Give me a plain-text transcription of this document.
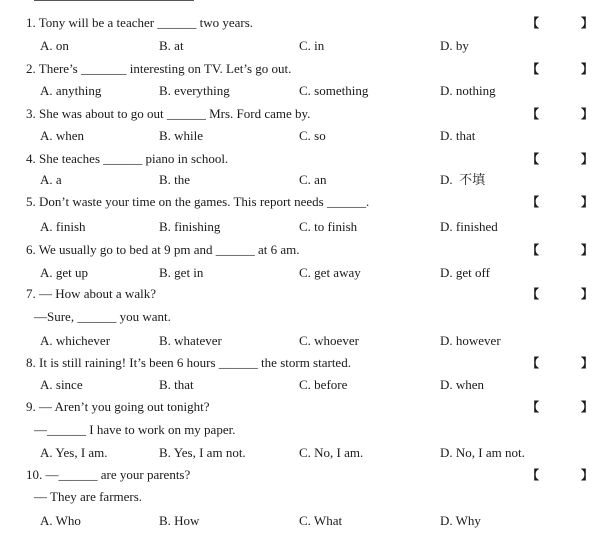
1. Tony will be a teacher ______ two years.	【	】
A. on	B. at	C. in	D. by
2. There’s _______ interesting on TV. Let’s go out.	【	】
A. anything	B. everything	C. something	D. nothing
3. She was about to go out ______ Mrs. Ford came by.	【	】
A. when	B. while	C. so	D. that
4. She teaches ______ piano in school.	【	】
A. a	B. the	C. an	D.  不填
5. Don’t waste your time on the games. This report needs ______.	【	】
A. finish	B. finishing	C. to finish	D. finished
6. We usually go to bed at 9 pm and ______ at 6 am.	【	】
A. get up	B. get in	C. get away	D. get off
7. — How about a walk?	【	】
—Sure, ______ you want.
A. whichever	B. whatever	C. whoever	D. however
8. It is still raining! It’s been 6 hours ______ the storm started.	【	】
A. since	B. that	C. before	D. when
9. — Aren’t you going out tonight?	【	】
—______ I have to work on my paper.
A. Yes, I am.	B. Yes, I am not.	C. No, I am.	D. No, I am not.
10. —______ are your parents?	【	】
— They are farmers.
A. Who	B. How	C. What	D. Why
